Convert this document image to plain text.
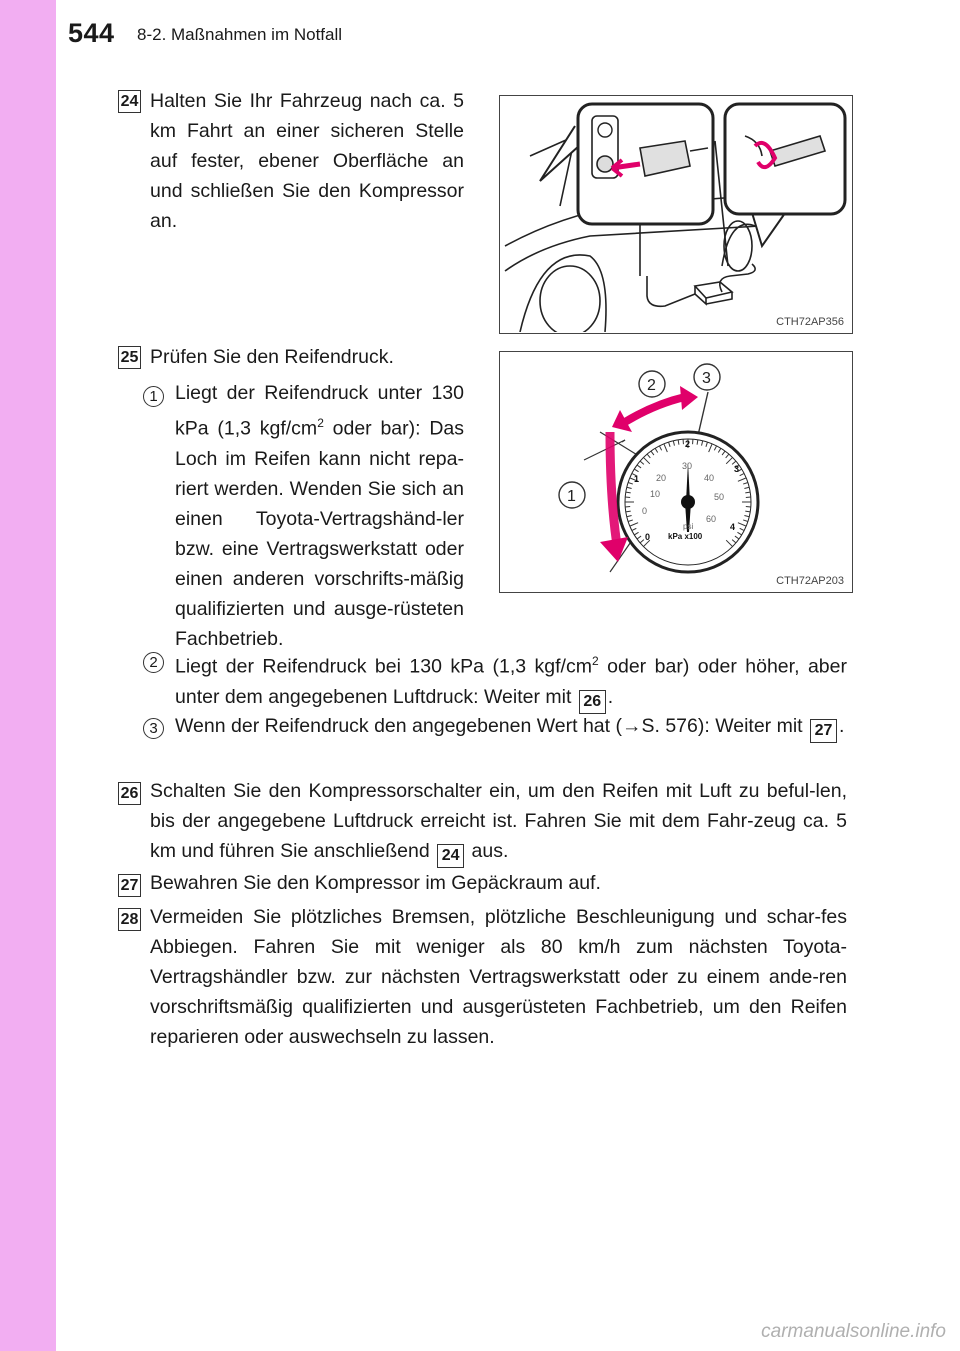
544 8-2. Maßnahmen im Notfall
24 Halten Sie Ihr Fahrzeug nach ca. 5 km Fahrt an einer sicheren Stelle auf fester, ebener Oberfläche an und schließen Sie den Kompressor an.
CTH72AP356
25 Prüfen Sie den Reifendruck.
0
10
20
30
40
50
60
0
1
2
3
4
psi
kPa x100
1
2	3
CTH72AP203
1 Liegt der Reifendruck unter 130 kPa (1,3 kgf/$cm^2$ oder bar): Das Loch im Reifen kann nicht repa-riert werden. Wenden Sie sich an einen Toyota-Vertragshänd-ler bzw. eine Vertragswerkstatt oder einen anderen vorschrifts-mäßig qualifizierten und ausge-rüsteten Fachbetrieb.
2 Liegt der Reifendruck bei 130 kPa (1,3 kgf/$cm^2$ oder bar) oder höher, aber unter dem angegebenen Luftdruck: Weiter mit 26 .
3 Wenn der Reifendruck den angegebenen Wert hat (→S. 576): Weiter mit 27 .
26 Schalten Sie den Kompressorschalter ein, um den Reifen mit Luft zu beful-len, bis der angegebene Luftdruck erreicht ist. Fahren Sie mit dem Fahr-zeug ca. 5 km und führen Sie anschließend 24 aus.
27 Bewahren Sie den Kompressor im Gepäckraum auf.
28 Vermeiden Sie plötzliches Bremsen, plötzliche Beschleunigung und schar-fes Abbiegen. Fahren Sie mit weniger als 80 km/h zum nächsten Toyota-Vertragshändler bzw. zur nächsten Vertragswerkstatt oder zu einem ande-ren vorschriftsmäßig qualifizierten und ausgerüsteten Fachbetrieb, um den Reifen reparieren oder auswechseln zu lassen.
carmanualsonline.info
